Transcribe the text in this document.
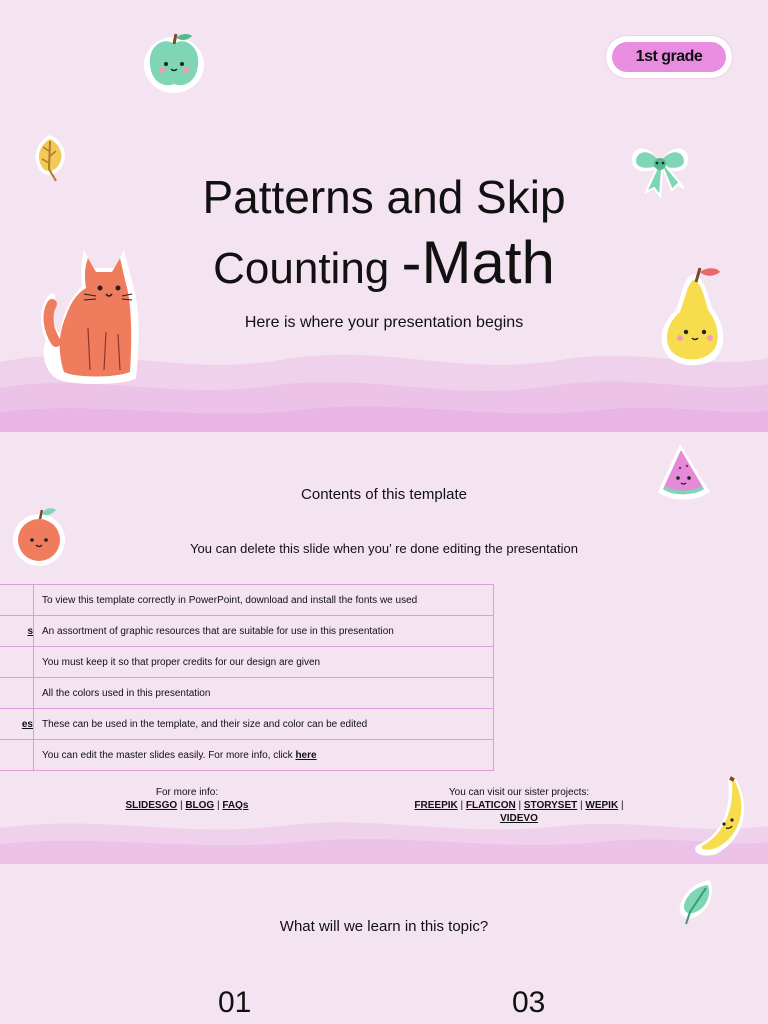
1st grade
Patterns and Skip
Counting -Math
Here is where your presentation begins
Contents of this template
You can delete this slide when you’ re done editing the presentation
	To view this template correctly in PowerPoint, download and install the fonts we used
s	An assortment of graphic resources that are suitable for use in this presentation
	You must keep it so that proper credits for our design are given
	All the colors used in this presentation
es	These can be used in the template, and their size and color can be edited
	You can edit the master slides easily. For more info, click here
For more info:
SLIDESGO | BLOG | FAQs
You can visit our sister projects:
FREEPIK | FLATICON | STORYSET | WEPIK | VIDEVO
What will we learn in this topic?
01	03
